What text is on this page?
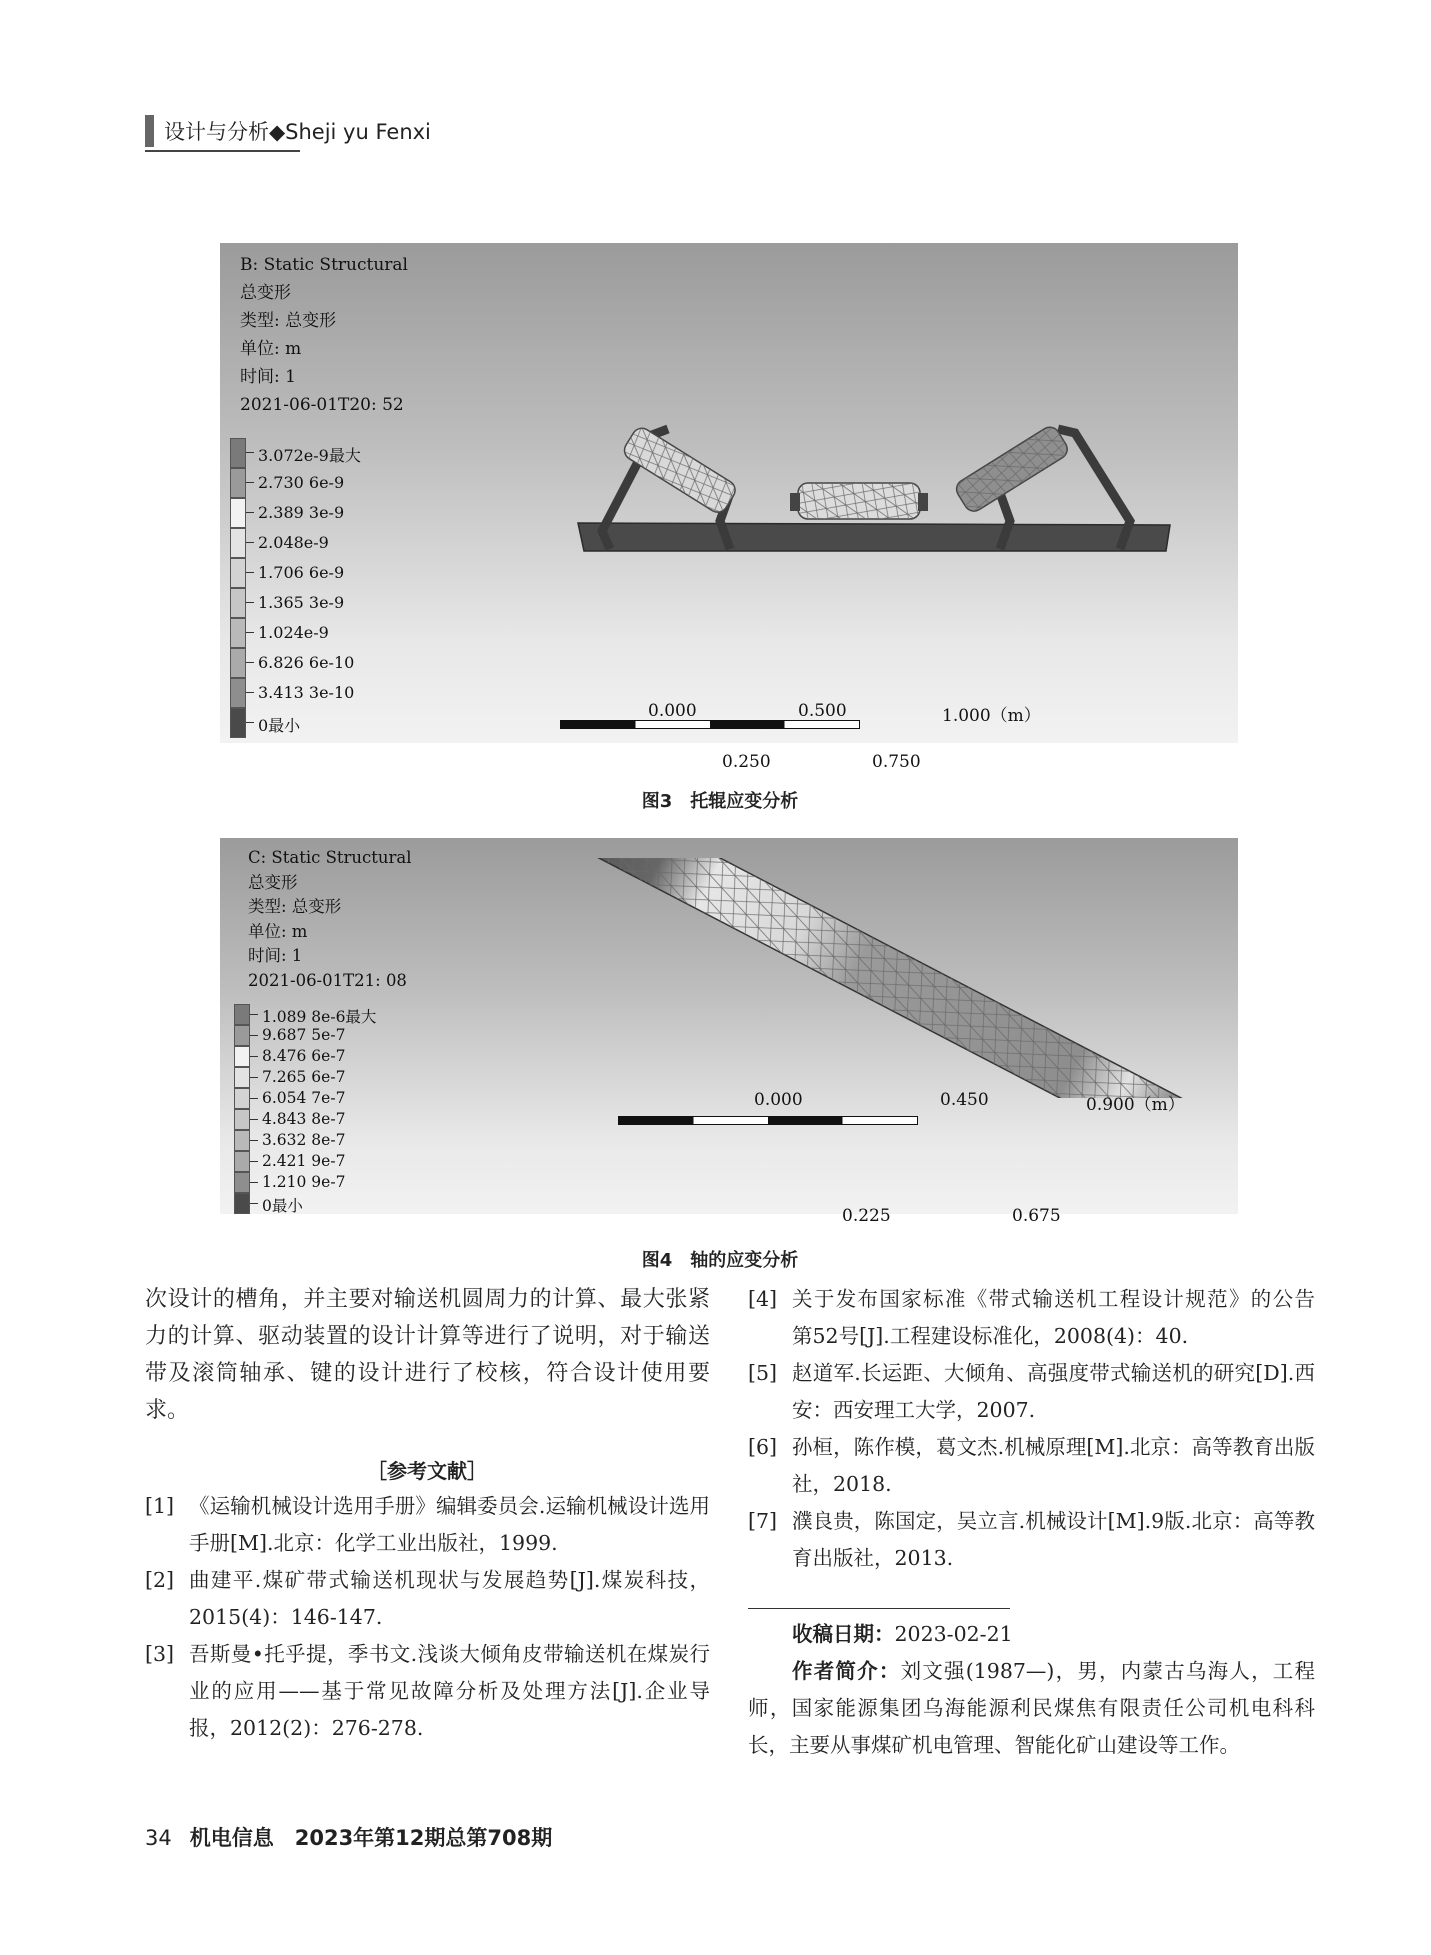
设计与分析◆Sheji yu Fenxi
B: Static Structural
总变形
类型: 总变形
单位: m
时间: 1
2021-06-01T20: 52
3.072e-9最大
2.730 6e-9
2.389 3e-9
2.048e-9
1.706 6e-9
1.365 3e-9
1.024e-9
6.826 6e-10
3.413 3e-10
0最小
0.000	0.500	1.000（m）
0.250	0.750
图3　托辊应变分析
C: Static Structural
总变形
类型: 总变形
单位: m
时间: 1
2021-06-01T21: 08
1.089 8e-6最大
9.687 5e-7
8.476 6e-7
7.265 6e-7
6.054 7e-7
4.843 8e-7
3.632 8e-7
2.421 9e-7
1.210 9e-7
0最小
0.000	0.450	0.900（m）
0.225	0.675
图4　轴的应变分析

次设计的槽角，并主要对输送机圆周力的计算、最大张紧力的计算、驱动装置的设计计算等进行了说明，对于输送带及滚筒轴承、键的设计进行了校核，符合设计使用要求。

［参考文献］
[1] 《运输机械设计选用手册》编辑委员会.运输机械设计选用手册[M].北京：化学工业出版社，1999.
[2] 曲建平.煤矿带式输送机现状与发展趋势[J].煤炭科技，2015(4)：146-147.
[3] 吾斯曼•托乎提，季书文.浅谈大倾角皮带输送机在煤炭行业的应用——基于常见故障分析及处理方法[J].企业导报，2012(2)：276-278.
[4] 关于发布国家标准《带式输送机工程设计规范》的公告　第52号[J].工程建设标准化，2008(4)：40.
[5] 赵道军.长运距、大倾角、高强度带式输送机的研究[D].西安：西安理工大学，2007.
[6] 孙桓，陈作模，葛文杰.机械原理[M].北京：高等教育出版社，2018.
[7] 濮良贵，陈国定，吴立言.机械设计[M].9版.北京：高等教育出版社，2013.
收稿日期：2023-02-21
作者简介：刘文强(1987—)，男，内蒙古乌海人，工程师，国家能源集团乌海能源利民煤焦有限责任公司机电科科长，主要从事煤矿机电管理、智能化矿山建设等工作。
34 机电信息　2023年第12期总第708期
